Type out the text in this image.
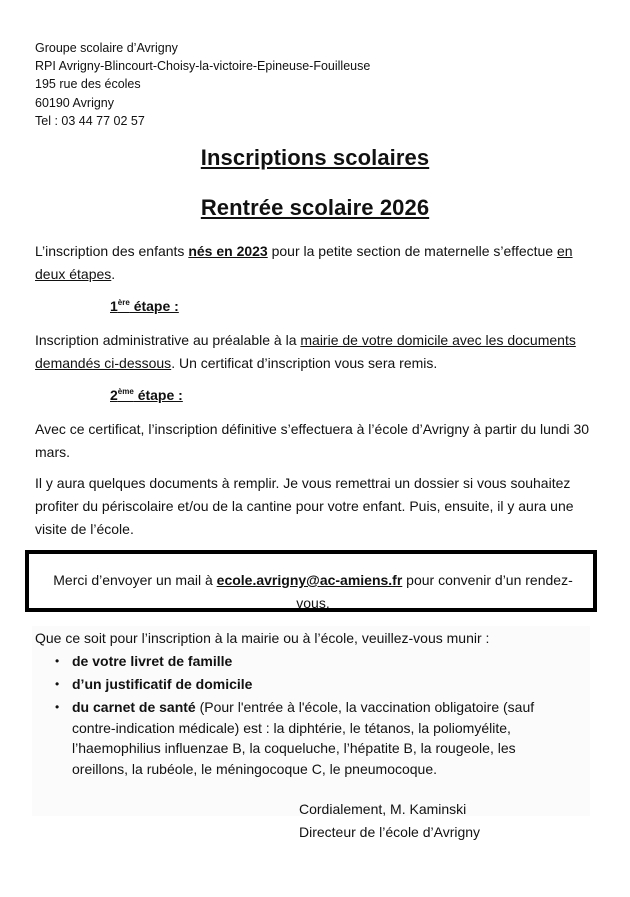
Groupe scolaire d’Avrigny
RPI Avrigny-Blincourt-Choisy-la-victoire-Epineuse-Fouilleuse
195 rue des écoles
60190 Avrigny
Tel : 03 44 77 02 57
Inscriptions scolaires
Rentrée scolaire 2026
L’inscription des enfants nés en 2023 pour la petite section de maternelle s’effectue en deux étapes.
1ère étape :
Inscription administrative au préalable à la mairie de votre domicile avec les documents demandés ci-dessous. Un certificat d’inscription vous sera remis.
2ème étape :
Avec ce certificat, l’inscription définitive s’effectuera à l’école d’Avrigny à partir du lundi 30 mars.
Il y aura quelques documents à remplir. Je vous remettrai un dossier si vous souhaitez profiter du périscolaire et/ou de la cantine pour votre enfant. Puis, ensuite, il y aura une visite de l’école.
Merci d’envoyer un mail à ecole.avrigny@ac-amiens.fr pour convenir d’un rendez-vous.
Que ce soit pour l’inscription à la mairie ou à l’école, veuillez-vous munir :
• de votre livret de famille
• d’un justificatif de domicile
• du carnet de santé (Pour l'entrée à l'école, la vaccination obligatoire (sauf contre-indication médicale) est : la diphtérie, le tétanos, la poliomyélite, l’haemophilius influenzae B, la coqueluche, l’hépatite B, la rougeole, les oreillons, la rubéole, le méningocoque C, le pneumocoque.
Cordialement, M. Kaminski
Directeur de l’école d’Avrigny
